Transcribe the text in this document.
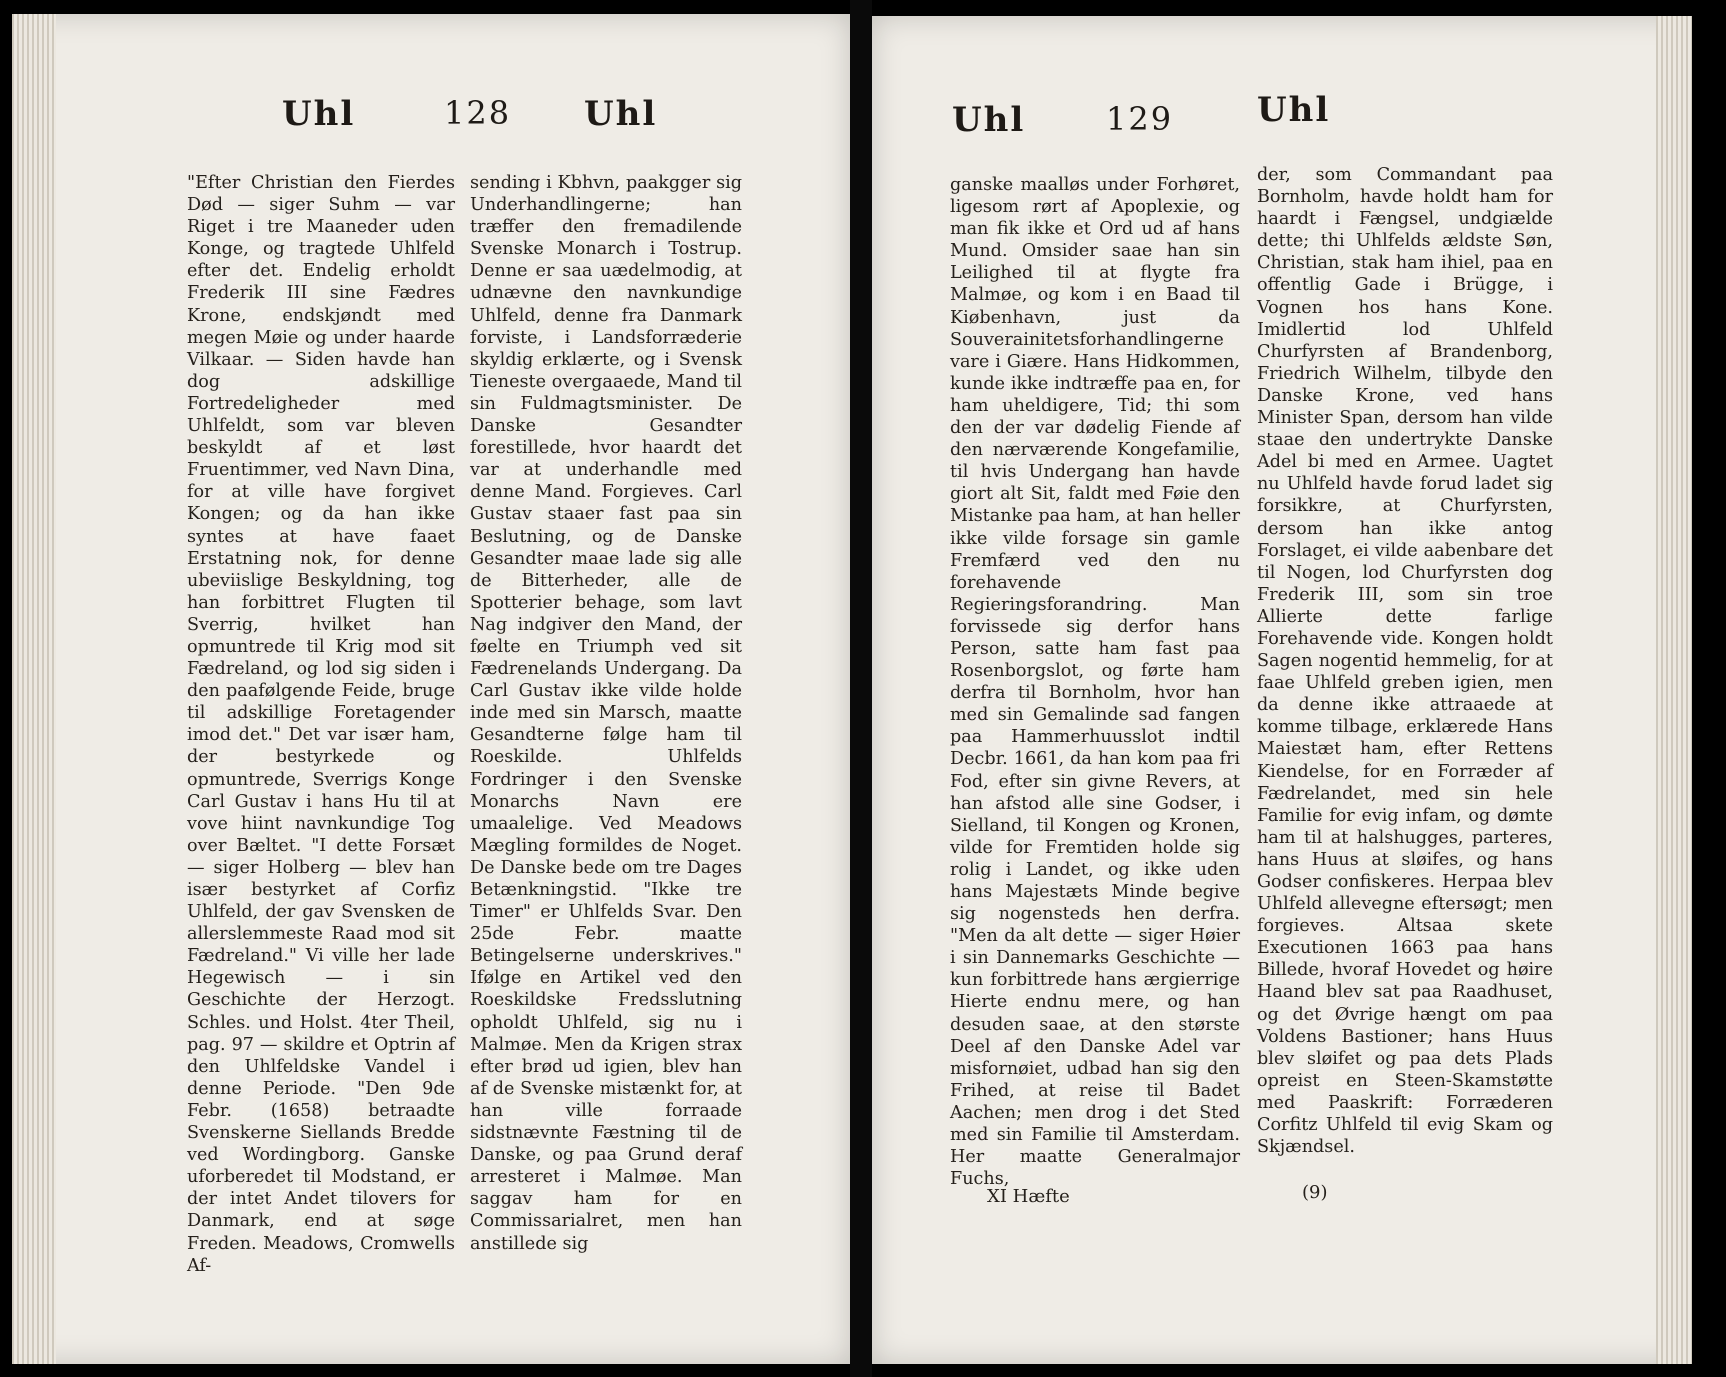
Uhl	128 Uhl

"Efter Christian den Fierdes Død — siger Suhm — var Riget i tre Maaneder uden Konge, og tragtede Uhlfeld efter det. Endelig erholdt Frederik III sine Fædres Krone, endskjøndt med megen Møie og under haarde Vilkaar. — Siden havde han dog adskillige Fortredeligheder med Uhlfeldt, som var bleven beskyldt af et løst Fruentimmer, ved Navn Dina, for at ville have forgivet Kongen; og da han ikke syntes at have faaet Erstatning nok, for denne ubeviislige Beskyldning, tog han forbittret Flugten til Sverrig, hvilket han opmuntrede til Krig mod sit Fædreland, og lod sig siden i den paafølgende Feide, bruge til adskillige Foretagender imod det." Det var især ham, der bestyrkede og opmuntrede, Sverrigs Konge Carl Gustav i hans Hu til at vove hiint navnkundige Tog over Bæltet. "I dette Forsæt — siger Holberg — blev han især bestyrket af Corfiz Uhlfeld, der gav Svensken de allerslemmeste Raad mod sit Fædreland." Vi ville her lade Hegewisch — i sin Geschichte der Herzogt. Schles. und Holst. 4ter Theil, pag. 97 — skildre et Optrin af den Uhlfeldske Vandel i denne Periode. "Den 9de Febr. (1658) betraadte Svenskerne Siellands Bredde ved Wordingborg. Ganske uforberedet til Modstand, er der intet Andet tilovers for Danmark, end at søge Freden. Meadows, Cromwells Af-

sending i Kbhvn, paakgger sig Underhandlingerne; han træffer den fremadilende Svenske Monarch i Tostrup. Denne er saa uædelmodig, at udnævne den navnkundige Uhlfeld, denne fra Danmark forviste, i Landsforræderie skyldig erklærte, og i Svensk Tieneste overgaaede, Mand til sin Fuldmagtsminister. De Danske Gesandter forestillede, hvor haardt det var at underhandle med denne Mand. Forgieves. Carl Gustav staaer fast paa sin Beslutning, og de Danske Gesandter maae lade sig alle de Bitterheder, alle de Spotterier behage, som lavt Nag indgiver den Mand, der føelte en Triumph ved sit Fædrenelands Undergang. Da Carl Gustav ikke vilde holde inde med sin Marsch, maatte Gesandterne følge ham til Roeskilde. Uhlfelds Fordringer i den Svenske Monarchs Navn ere umaalelige. Ved Meadows Mægling formildes de Noget. De Danske bede om tre Dages Betænkningstid. "Ikke tre Timer" er Uhlfelds Svar. Den 25de Febr. maatte Betingelserne underskrives." Ifølge en Artikel ved den Roeskildske Fredsslutning opholdt Uhlfeld, sig nu i Malmøe. Men da Krigen strax efter brød ud igien, blev han af de Svenske mistænkt for, at han ville forraade sidstnævnte Fæstning til de Danske, og paa Grund deraf arresteret i Malmøe. Man saggav ham for en Commissarialret, men han anstillede sig

Uhl	129 Uhl

ganske maalløs under Forhøret, ligesom rørt af Apoplexie, og man fik ikke et Ord ud af hans Mund. Omsider saae han sin Leilighed til at flygte fra Malmøe, og kom i en Baad til Kiøbenhavn, just da Souverainitetsforhandlingerne vare i Giære. Hans Hidkommen, kunde ikke indtræffe paa en, for ham uheldigere, Tid; thi som den der var dødelig Fiende af den nærværende Kongefamilie, til hvis Undergang han havde giort alt Sit, faldt med Føie den Mistanke paa ham, at han heller ikke vilde forsage sin gamle Fremfærd ved den nu forehavende Regieringsforandring. Man forvissede sig derfor hans Person, satte ham fast paa Rosenborgslot, og førte ham derfra til Bornholm, hvor han med sin Gemalinde sad fangen paa Hammerhuusslot indtil Decbr. 1661, da han kom paa fri Fod, efter sin givne Revers, at han afstod alle sine Godser, i Sielland, til Kongen og Kronen, vilde for Fremtiden holde sig rolig i Landet, og ikke uden hans Majestæts Minde begive sig nogensteds hen derfra. "Men da alt dette — siger Høier i sin Dannemarks Geschichte — kun forbittrede hans ærgierrige Hierte endnu mere, og han desuden saae, at den største Deel af den Danske Adel var misfornøiet, udbad han sig den Frihed, at reise til Badet Aachen; men drog i det Sted med sin Familie til Amsterdam. Her maatte Generalmajor Fuchs,

der, som Commandant paa Bornholm, havde holdt ham for haardt i Fængsel, undgiælde dette; thi Uhlfelds ældste Søn, Christian, stak ham ihiel, paa en offentlig Gade i Brügge, i Vognen hos hans Kone. Imidlertid lod Uhlfeld Churfyrsten af Brandenborg, Friedrich Wilhelm, tilbyde den Danske Krone, ved hans Minister Span, dersom han vilde staae den undertrykte Danske Adel bi med en Armee. Uagtet nu Uhlfeld havde forud ladet sig forsikkre, at Churfyrsten, dersom han ikke antog Forslaget, ei vilde aabenbare det til Nogen, lod Churfyrsten dog Frederik III, som sin troe Allierte dette farlige Forehavende vide. Kongen holdt Sagen nogentid hemmelig, for at faae Uhlfeld greben igien, men da denne ikke attraaede at komme tilbage, erklærede Hans Maiestæt ham, efter Rettens Kiendelse, for en Forræder af Fædrelandet, med sin hele Familie for evig infam, og dømte ham til at halshugges, parteres, hans Huus at sløifes, og hans Godser confiskeres. Herpaa blev Uhlfeld allevegne eftersøgt; men forgieves. Altsaa skete Executionen 1663 paa hans Billede, hvoraf Hovedet og høire Haand blev sat paa Raadhuset, og det Øvrige hængt om paa Voldens Bastioner; hans Huus blev sløifet og paa dets Plads opreist en Steen-Skamstøtte med Paaskrift: Forræderen Corfitz Uhlfeld til evig Skam og Skjændsel.

XI Hæfte	(9)
